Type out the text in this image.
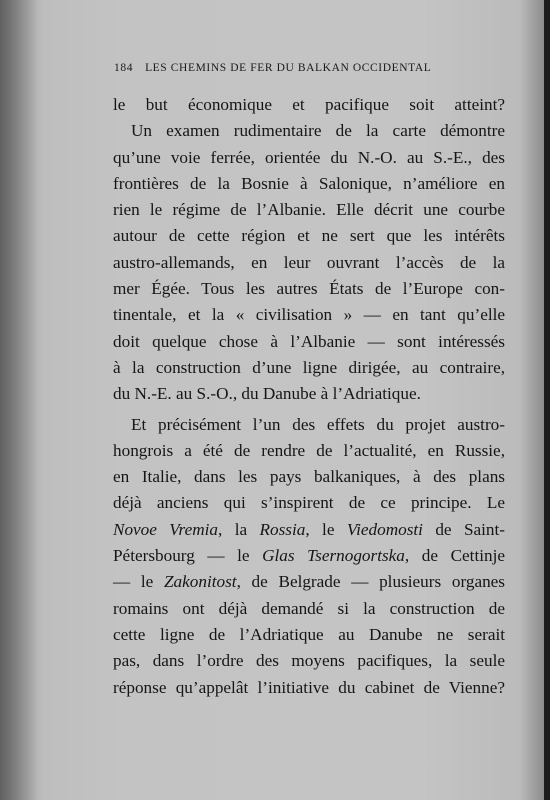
184 LES CHEMINS DE FER DU BALKAN OCCIDENTAL
le but économique et pacifique soit atteint?
Un examen rudimentaire de la carte démontre
qu’une voie ferrée, orientée du N.-O. au S.-E., des
frontières de la Bosnie à Salonique, n’améliore en
rien le régime de l’Albanie. Elle décrit une courbe
autour de cette région et ne sert que les intérêts
austro-allemands, en leur ouvrant l’accès de la
mer Égée. Tous les autres États de l’Europe con-
tinentale, et la « civilisation » — en tant qu’elle
doit quelque chose à l’Albanie — sont intéressés
à la construction d’une ligne dirigée, au contraire,
du N.-E. au S.-O., du Danube à l’Adriatique.
Et précisément l’un des effets du projet austro-
hongrois a été de rendre de l’actualité, en Russie,
en Italie, dans les pays balkaniques, à des plans
déjà anciens qui s’inspirent de ce principe. Le
Novoe Vremia, la Rossia, le Viedomosti de Saint-
Pétersbourg — le Glas Tsernogortska, de Cettinje
— le Zakonitost, de Belgrade — plusieurs organes
romains ont déjà demandé si la construction de
cette ligne de l’Adriatique au Danube ne serait
pas, dans l’ordre des moyens pacifiques, la seule
réponse qu’appelât l’initiative du cabinet de Vienne?
